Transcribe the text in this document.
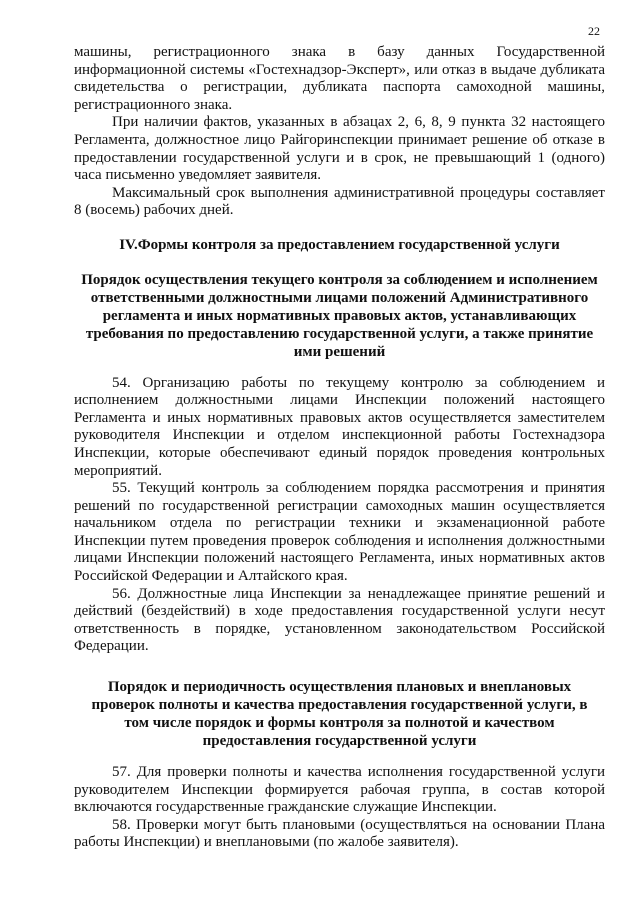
22

машины, регистрационного знака в базу данных Государственной информационной системы «Гостехнадзор-Эксперт», или отказ в выдаче дубликата свидетельства о регистрации, дубликата паспорта самоходной машины, регистрационного знака.

При наличии фактов, указанных в абзацах 2, 6, 8, 9 пункта 32 настоящего Регламента, должностное лицо Райгоринспекции принимает решение об отказе в предоставлении государственной услуги и в срок, не превышающий 1 (одного) часа письменно уведомляет заявителя.

Максимальный срок выполнения административной процедуры составляет 8 (восемь) рабочих дней.

IV.Формы контроля за предоставлением государственной услуги
Порядок осуществления текущего контроля за соблюдением и исполнением ответственными должностными лицами положений Административного регламента и иных нормативных правовых актов, устанавливающих требования по предоставлению государственной услуги, а также принятие ими решений

54. Организацию работы по текущему контролю за соблюдением и исполнением должностными лицами Инспекции положений настоящего Регламента и иных нормативных правовых актов осуществляется заместителем руководителя Инспекции и отделом инспекционной работы Гостехнадзора Инспекции, которые обеспечивают единый порядок проведения контрольных мероприятий.

55. Текущий контроль за соблюдением порядка рассмотрения и принятия решений по государственной регистрации самоходных машин осуществляется начальником отдела по регистрации техники и экзаменационной работе Инспекции путем проведения проверок соблюдения и исполнения должностными лицами Инспекции положений настоящего Регламента, иных нормативных актов Российской Федерации и Алтайского края.

56. Должностные лица Инспекции за ненадлежащее принятие решений и действий (бездействий) в ходе предоставления государственной услуги несут ответственность в порядке, установленном законодательством Российской Федерации.

Порядок и периодичность осуществления плановых и внеплановых проверок полноты и качества предоставления государственной услуги, в том числе порядок и формы контроля за полнотой и качеством предоставления государственной услуги

57. Для проверки полноты и качества исполнения государственной услуги руководителем Инспекции формируется рабочая группа, в состав которой включаются государственные гражданские служащие Инспекции.

58. Проверки могут быть плановыми (осуществляться на основании Плана работы Инспекции) и внеплановыми (по жалобе заявителя).
